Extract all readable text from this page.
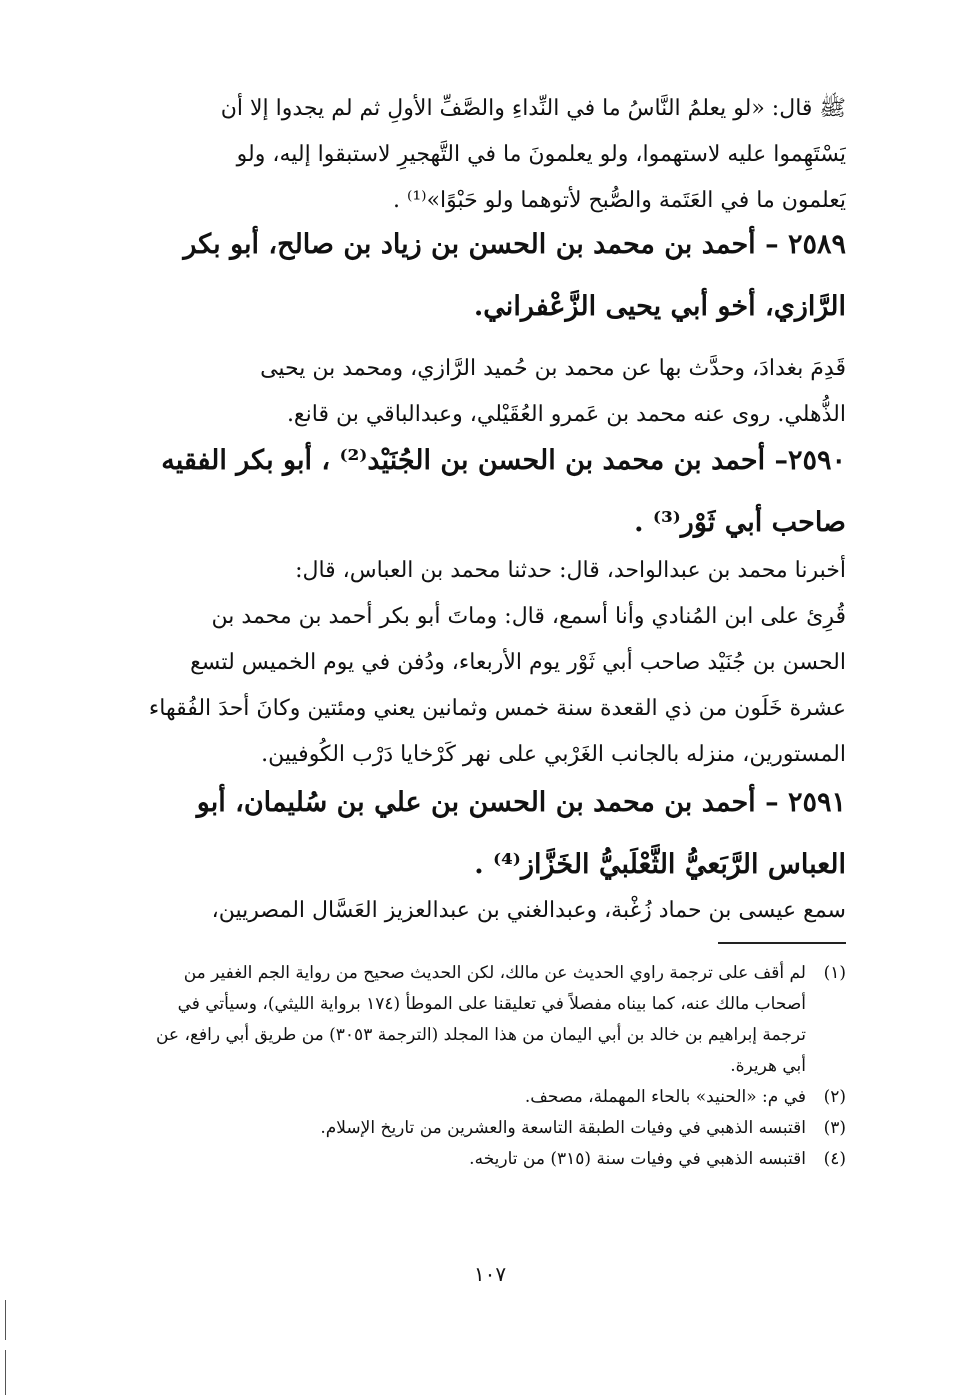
ﷺ قال: «لو يعلمُ النَّاسُ ما في النِّداءِ والصَّفِّ الأولِ ثم لم يجدوا إلا أن
يَسْتَهِموا عليه لاستهموا، ولو يعلمونَ ما في التَّهجيرِ لاستبقوا إليه، ولو
يَعلمون ما في العَتَمة والصُّبح لأتوهما ولو حَبْوًا»⁽¹⁾ .
٢٥٨٩ – أحمد بن محمد بن الحسن بن زياد بن صالح، أبو بكر
الرَّازي، أخو أبي يحيى الزَّعْفراني.
قَدِمَ بغدادَ، وحدَّث بها عن محمد بن حُميد الرَّازي، ومحمد بن يحيى
الذُّهلي. روى عنه محمد بن عَمرو العُقَيْلي، وعبدالباقي بن قانع.
٢٥٩٠– أحمد بن محمد بن الحسن بن الجُنَيْد⁽²⁾ ، أبو بكر الفقيه
صاحب أبي ثَوْر⁽³⁾ .
أخبرنا محمد بن عبدالواحد، قال: حدثنا محمد بن العباس، قال:
قُرِئ على ابن المُنادي وأنا أسمع، قال: وماتَ أبو بكر أحمد بن محمد بن
الحسن بن جُنَيْد صاحب أبي ثَوْر يوم الأربعاء، ودُفن في يوم الخميس لتسع
عشرة خَلَون من ذي القعدة سنة خمس وثمانين يعني ومئتين وكانَ أحدَ الفُقهاء
المستورين، منزله بالجانب الغَرْبي على نهر كَرْخايا دَرْب الكُوفيين.
٢٥٩١ – أحمد بن محمد بن الحسن بن علي بن سُليمان، أبو
العباس الرَّبَعيُّ الثَّعْلَبيُّ الخَزَّاز⁽⁴⁾ .
سمع عيسى بن حماد زُغْبة، وعبدالغني بن عبدالعزيز العَسَّال المصريين،
(١)
لم أقف على ترجمة راوي الحديث عن مالك، لكن الحديث صحيح من رواية الجم الغفير من أصحاب مالك عنه، كما بيناه مفصلاً في تعليقنا على الموطأ (١٧٤ برواية الليثي)، وسيأتي في ترجمة إبراهيم بن خالد بن أبي اليمان من هذا المجلد (الترجمة ٣٠٥٣) من طريق أبي رافع، عن أبي هريرة.
(٢)
في م: «الحنيد» بالحاء المهملة، مصحف.
(٣)
اقتبسه الذهبي في وفيات الطبقة التاسعة والعشرين من تاريخ الإسلام.
(٤)
اقتبسه الذهبي في وفيات سنة (٣١٥) من تاريخه.
١٠٧
